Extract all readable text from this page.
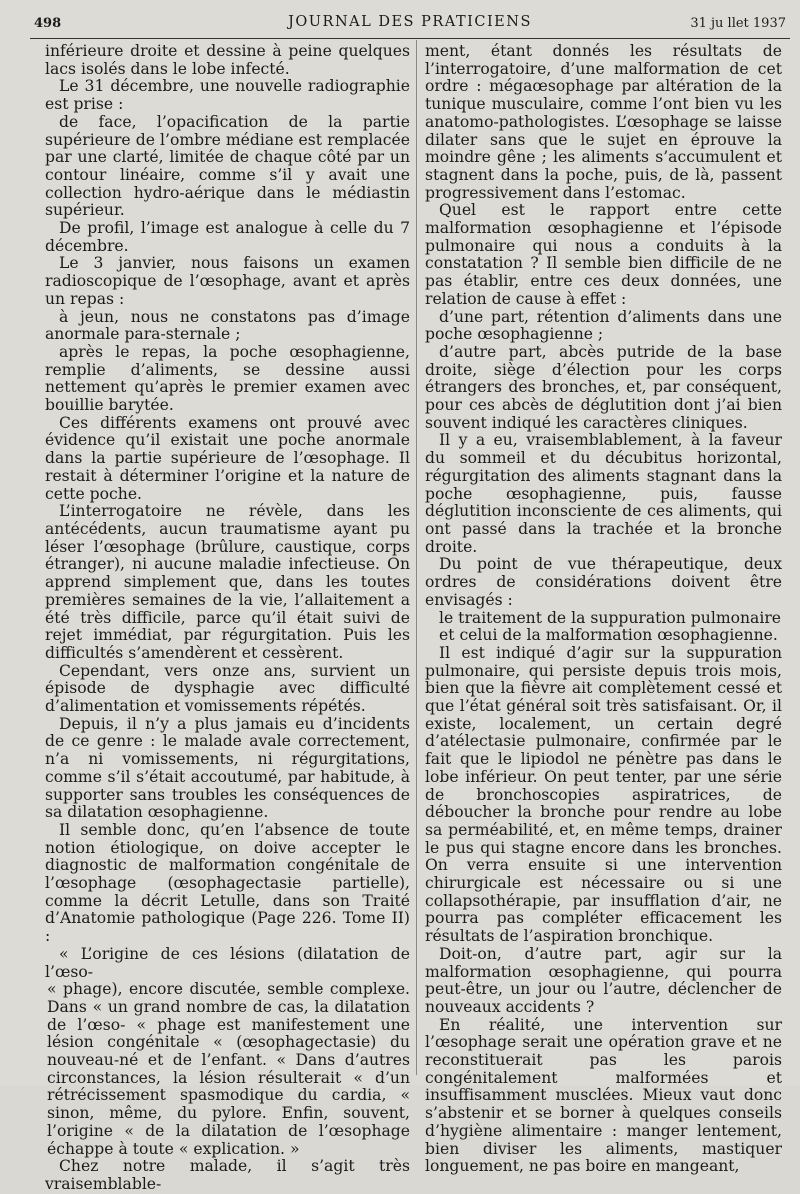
498	JOURNAL DES PRATICIENS	31 ju llet 1937

inférieure droite et dessine à peine quelques lacs isolés dans le lobe infecté.

Le 31 décembre, une nouvelle radiographie est prise :

de face, l’opacification de la partie supérieure de l’ombre médiane est remplacée par une clarté, limitée de chaque côté par un contour linéaire, comme s’il y avait une collection hydro-aérique dans le médiastin supérieur.

De profil, l’image est analogue à celle du 7 décembre.

Le 3 janvier, nous faisons un examen radioscopique de l’œsophage, avant et après un repas :

à jeun, nous ne constatons pas d’image anormale para-sternale ;

après le repas, la poche œsophagienne, remplie d’aliments, se dessine aussi nettement qu’après le premier examen avec bouillie barytée.

Ces différents examens ont prouvé avec évidence qu’il existait une poche anormale dans la partie supérieure de l’œsophage. Il restait à déterminer l’origine et la nature de cette poche.

L’interrogatoire ne révèle, dans les antécédents, aucun traumatisme ayant pu léser l’œsophage (brûlure, caustique, corps étranger), ni aucune maladie infectieuse. On apprend simplement que, dans les toutes premières semaines de la vie, l’allaitement a été très difficile, parce qu’il était suivi de rejet immédiat, par régurgitation. Puis les difficultés s’amendèrent et cessèrent.

Cependant, vers onze ans, survient un épisode de dysphagie avec difficulté d’alimentation et vomissements répétés.

Depuis, il n’y a plus jamais eu d’incidents de ce genre : le malade avale correctement, n’a ni vomissements, ni régurgitations, comme s’il s’était accoutumé, par habitude, à supporter sans troubles les conséquences de sa dilatation œsophagienne.

Il semble donc, qu’en l’absence de toute notion étiologique, on doive accepter le diagnostic de malformation congénitale de l’œsophage (œsophagectasie partielle), comme la décrit Letulle, dans son Traité d’Anatomie pathologique (Page 226. Tome II) :

« L’origine de ces lésions (dilatation de l’œso-

« phage), encore discutée, semble complexe. Dans « un grand nombre de cas, la dilatation de l’œso- « phage est manifestement une lésion congénitale « (œsophagectasie) du nouveau-né et de l’enfant. « Dans d’autres circonstances, la lésion résulterait « d’un rétrécissement spasmodique du cardia, « sinon, même, du pylore. Enfin, souvent, l’origine « de la dilatation de l’œsophage échappe à toute « explication. »

Chez notre malade, il s’agit très vraisemblable-

ment, étant donnés les résultats de l’interrogatoire, d’une malformation de cet ordre : mégaœsophage par altération de la tunique musculaire, comme l’ont bien vu les anatomo-pathologistes. L’œsophage se laisse dilater sans que le sujet en éprouve la moindre gêne ; les aliments s’accumulent et stagnent dans la poche, puis, de là, passent progressivement dans l’estomac.

Quel est le rapport entre cette malformation œsophagienne et l’épisode pulmonaire qui nous a conduits à la constatation ? Il semble bien difficile de ne pas établir, entre ces deux données, une relation de cause à effet :

d’une part, rétention d’aliments dans une poche œsophagienne ;

d’autre part, abcès putride de la base droite, siège d’élection pour les corps étrangers des bronches, et, par conséquent, pour ces abcès de déglutition dont j’ai bien souvent indiqué les caractères cliniques.

Il y a eu, vraisemblablement, à la faveur du sommeil et du décubitus horizontal, régurgitation des aliments stagnant dans la poche œsophagienne, puis, fausse déglutition inconsciente de ces aliments, qui ont passé dans la trachée et la bronche droite.

Du point de vue thérapeutique, deux ordres de considérations doivent être envisagés :

le traitement de la suppuration pulmonaire

et celui de la malformation œsophagienne.

Il est indiqué d’agir sur la suppuration pulmonaire, qui persiste depuis trois mois, bien que la fièvre ait complètement cessé et que l’état général soit très satisfaisant. Or, il existe, localement, un certain degré d’atélectasie pulmonaire, confirmée par le fait que le lipiodol ne pénètre pas dans le lobe inférieur. On peut tenter, par une série de bronchoscopies aspiratrices, de déboucher la bronche pour rendre au lobe sa perméabilité, et, en même temps, drainer le pus qui stagne encore dans les bronches. On verra ensuite si une intervention chirurgicale est nécessaire ou si une collapsothérapie, par insufflation d’air, ne pourra pas compléter efficacement les résultats de l’aspiration bronchique.

Doit-on, d’autre part, agir sur la malformation œsophagienne, qui pourra peut-être, un jour ou l’autre, déclencher de nouveaux accidents ?

En réalité, une intervention sur l’œsophage serait une opération grave et ne reconstituerait pas les parois congénitalement malformées et insuffisamment musclées. Mieux vaut donc s’abstenir et se borner à quelques conseils d’hygiène alimentaire : manger lentement, bien diviser les aliments, mastiquer longuement, ne pas boire en mangeant,
